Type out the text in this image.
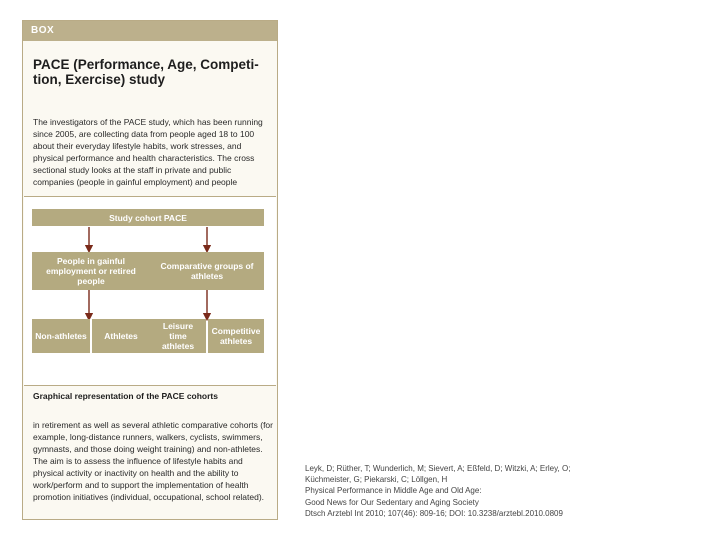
BOX
PACE (Performance, Age, Competi-tion, Exercise) study
The investigators of the PACE study, which has been running since 2005, are collecting data from people aged 18 to 100 about their everyday lifestyle habits, work stresses, and physical performance and health characteristics. The cross sectional study looks at the staff in private and public companies (people in gainful employment) and people
Study cohort PACE
People in gainful employment or retired people
Comparative groups of athletes
Non-athletes	Athletes
Leisure time athletes
Competitive athletes
Graphical representation of the PACE cohorts
in retirement as well as several athletic comparative cohorts (for example, long-distance runners, walkers, cyclists, swimmers, gymnasts, and those doing weight training) and non-athletes. The aim is to assess the influence of lifestyle habits and physical activity or inactivity on health and the ability to work/perform and to support the implementation of health promotion initiatives (individual, occupational, school related).
Leyk, D; Rüther, T; Wunderlich, M; Sievert, A; Eßfeld, D; Witzki, A; Erley, O;
Küchmeister, G; Piekarski, C; Löllgen, H
Physical Performance in Middle Age and Old Age:
Good News for Our Sedentary and Aging Society
Dtsch Arztebl Int 2010; 107(46): 809-16; DOI: 10.3238/arztebl.2010.0809
